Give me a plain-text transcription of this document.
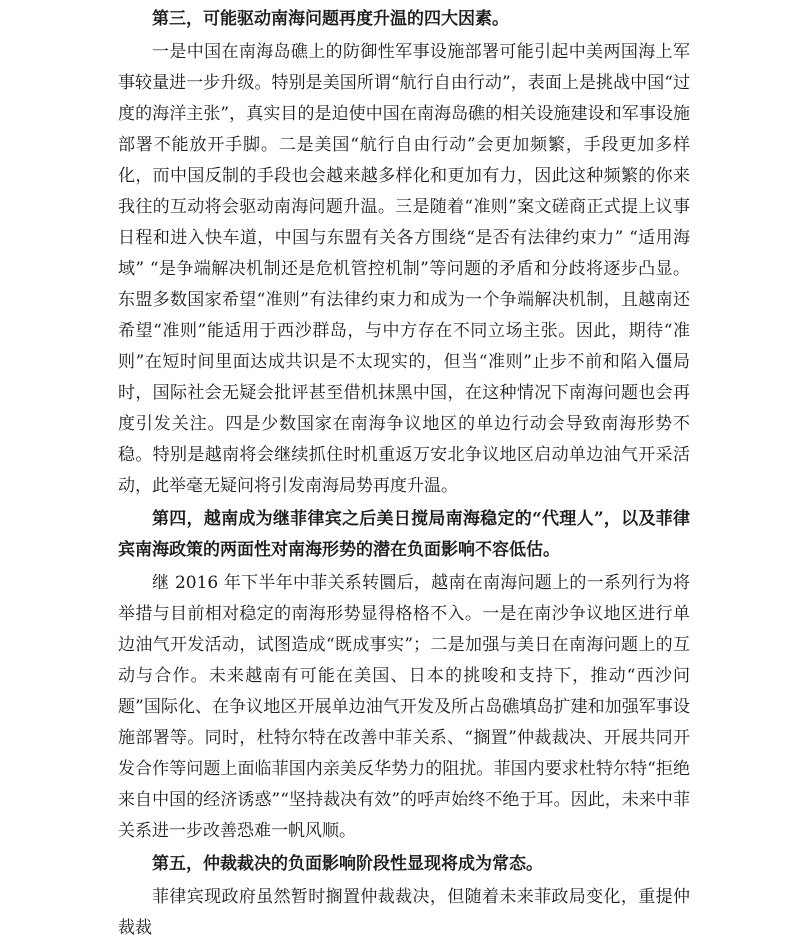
第三，可能驱动南海问题再度升温的四大因素。

一是中国在南海岛礁上的防御性军事设施部署可能引起中美两国海上军事较量进一步升级。特别是美国所谓“航行自由行动”，表面上是挑战中国“过度的海洋主张”，真实目的是迫使中国在南海岛礁的相关设施建设和军事设施部署不能放开手脚。二是美国“航行自由行动”会更加频繁，手段更加多样化，而中国反制的手段也会越来越多样化和更加有力，因此这种频繁的你来我往的互动将会驱动南海问题升温。三是随着“准则”案文磋商正式提上议事日程和进入快车道，中国与东盟有关各方围绕“是否有法律约束力” “适用海域” “是争端解决机制还是危机管控机制”等问题的矛盾和分歧将逐步凸显。东盟多数国家希望“准则”有法律约束力和成为一个争端解决机制，且越南还希望“准则”能适用于西沙群岛，与中方存在不同立场主张。因此，期待“准则”在短时间里面达成共识是不太现实的，但当“准则”止步不前和陷入僵局时，国际社会无疑会批评甚至借机抹黑中国，在这种情况下南海问题也会再度引发关注。四是少数国家在南海争议地区的单边行动会导致南海形势不稳。特别是越南将会继续抓住时机重返万安北争议地区启动单边油气开采活动，此举毫无疑问将引发南海局势再度升温。

第四，越南成为继菲律宾之后美日搅局南海稳定的“代理人”，以及菲律宾南海政策的两面性对南海形势的潜在负面影响不容低估。

继 2016 年下半年中菲关系转圜后，越南在南海问题上的一系列行为将举措与目前相对稳定的南海形势显得格格不入。一是在南沙争议地区进行单边油气开发活动，试图造成“既成事实”；二是加强与美日在南海问题上的互动与合作。未来越南有可能在美国、日本的挑唆和支持下，推动“西沙问题”国际化、在争议地区开展单边油气开发及所占岛礁填岛扩建和加强军事设施部署等。同时，杜特尔特在改善中菲关系、“搁置”仲裁裁决、开展共同开发合作等问题上面临菲国内亲美反华势力的阻扰。菲国内要求杜特尔特“拒绝来自中国的经济诱惑”“坚持裁决有效”的呼声始终不绝于耳。因此，未来中菲关系进一步改善恐难一帆风顺。

第五，仲裁裁决的负面影响阶段性显现将成为常态。

菲律宾现政府虽然暂时搁置仲裁裁决，但随着未来菲政局变化，重提仲裁裁
